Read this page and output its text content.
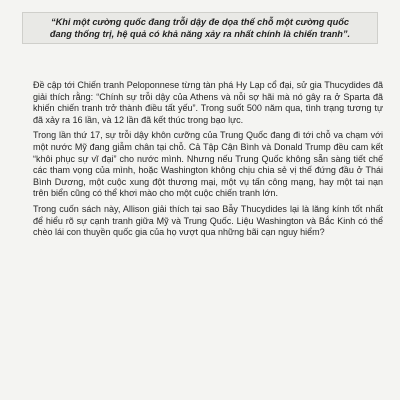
“Khi một cường quốc đang trỗi dậy đe dọa thế chỗ một cường quốc

đang thống trị, hệ quả có khả năng xảy ra nhất chính là chiến tranh”.

Đề cập tới Chiến tranh Peloponnese từng tàn phá Hy Lạp cổ đại, sử gia Thucydides đã giải thích rằng: “Chính sự trỗi dậy của Athens và nỗi sợ hãi mà nó gây ra ở Sparta đã khiến chiến tranh trở thành điều tất yếu”. Trong suốt 500 năm qua, tình trạng tương tự đã xảy ra 16 lần, và 12 lần đã kết thúc trong bạo lực.

Trong lần thứ 17, sự trỗi dậy khôn cưỡng của Trung Quốc đang đi tới chỗ va chạm với một nước Mỹ đang giẫm chân tại chỗ. Cả Tập Cận Bình và Donald Trump đều cam kết “khôi phục sự vĩ đại” cho nước mình. Nhưng nếu Trung Quốc không sẵn sàng tiết chế các tham vọng của mình, hoặc Washington không chịu chia sẻ vị thế đứng đầu ở Thái Bình Dương, một cuộc xung đột thương mại, một vụ tấn công mạng, hay một tai nạn trên biển cũng có thể khơi mào cho một cuộc chiến tranh lớn.

Trong cuốn sách này, Allison giải thích tại sao Bẫy Thucydides lại là lăng kính tốt nhất để hiểu rõ sự cạnh tranh giữa Mỹ và Trung Quốc. Liệu Washington và Bắc Kinh có thể chèo lái con thuyền quốc gia của họ vượt qua những bãi cạn nguy hiểm?
